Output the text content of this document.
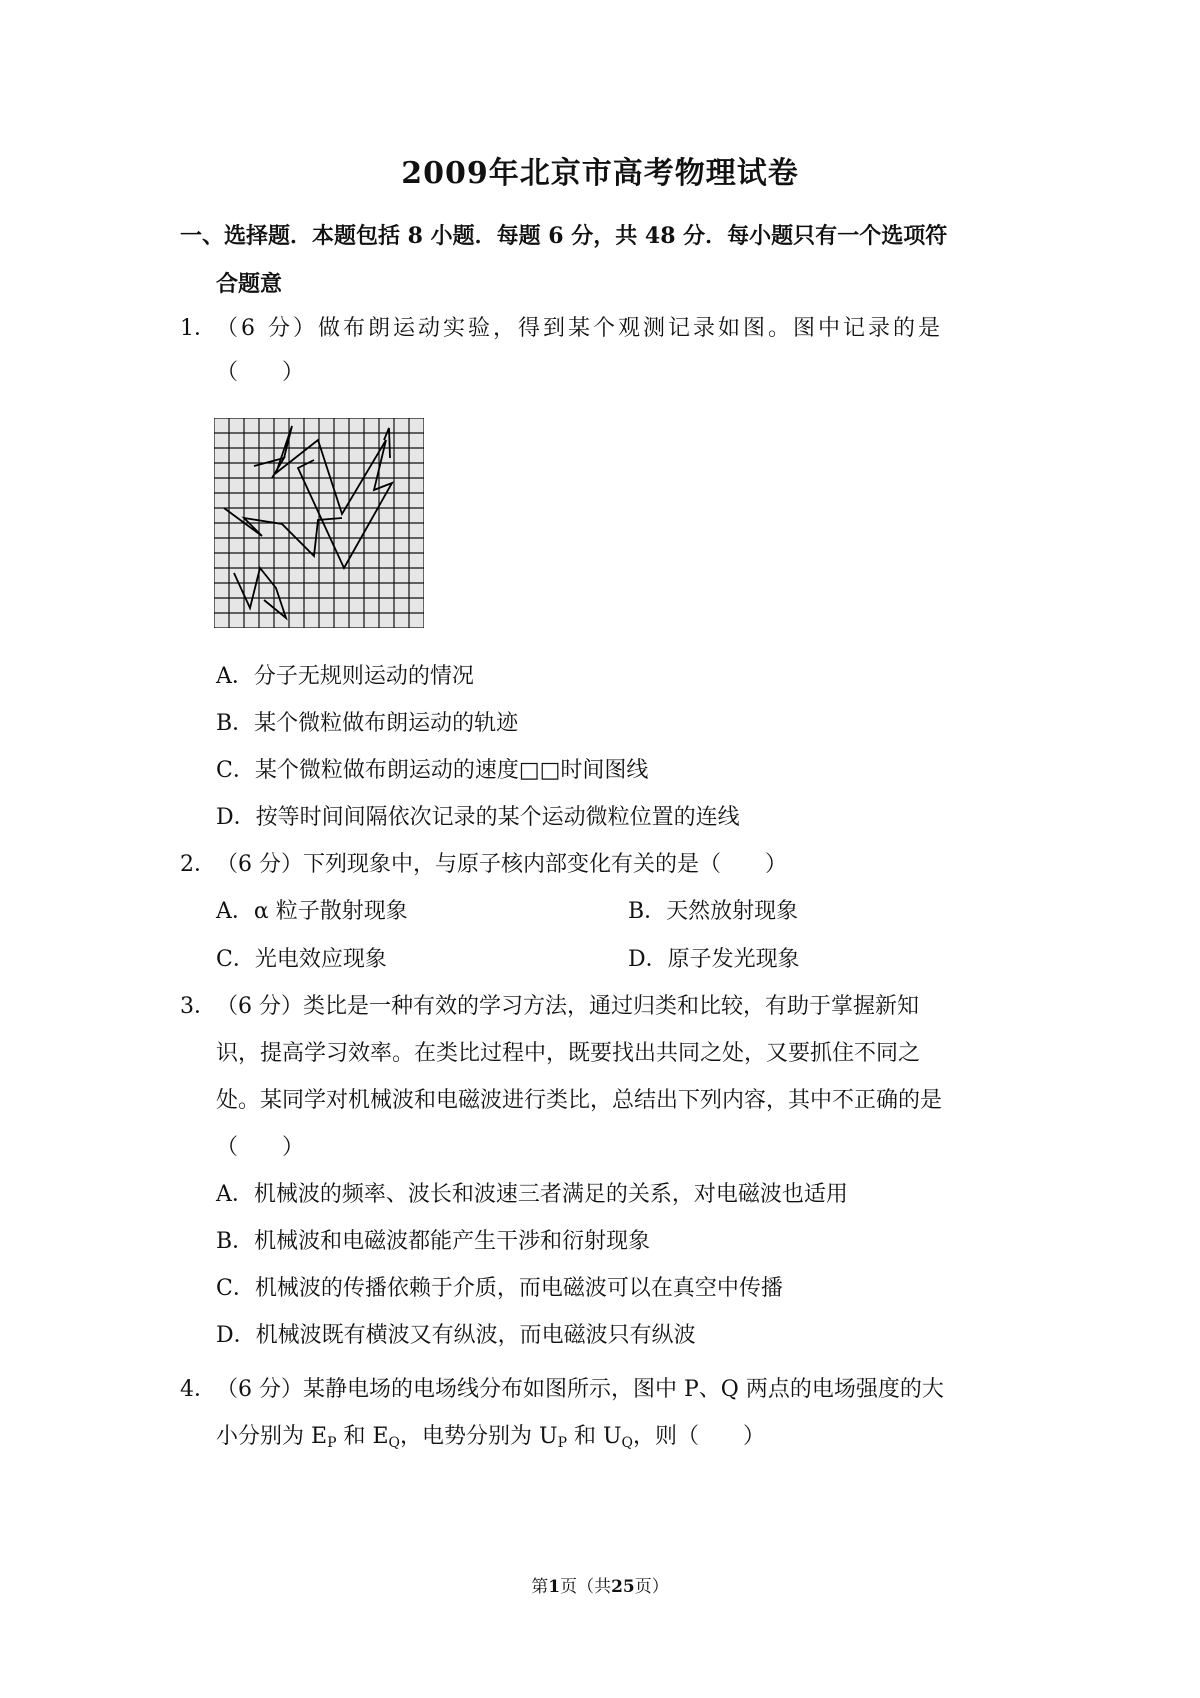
2009年北京市高考物理试卷
一、选择题．本题包括 8 小题．每题 6 分，共 48 分．每小题只有一个选项符
合题意
1．（6 分）做布朗运动实验，得到某个观测记录如图。图中记录的是
（　　）
A．分子无规则运动的情况
B．某个微粒做布朗运动的轨迹
C．某个微粒做布朗运动的速度□□时间图线
D．按等时间间隔依次记录的某个运动微粒位置的连线
2．（6 分）下列现象中，与原子核内部变化有关的是（　　）
A．α 粒子散射现象	B．天然放射现象
C．光电效应现象	D．原子发光现象
3．（6 分）类比是一种有效的学习方法，通过归类和比较，有助于掌握新知
识，提高学习效率。在类比过程中，既要找出共同之处，又要抓住不同之
处。某同学对机械波和电磁波进行类比，总结出下列内容，其中不正确的是
（　　）
A．机械波的频率、波长和波速三者满足的关系，对电磁波也适用
B．机械波和电磁波都能产生干涉和衍射现象
C．机械波的传播依赖于介质，而电磁波可以在真空中传播
D．机械波既有横波又有纵波，而电磁波只有纵波
4．（6 分）某静电场的电场线分布如图所示，图中 P、Q 两点的电场强度的大
小分别为 $E_P$ 和 $E_Q$，电势分别为 $U_P$ 和 $U_Q$，则（　　）
第1页（共25页）
